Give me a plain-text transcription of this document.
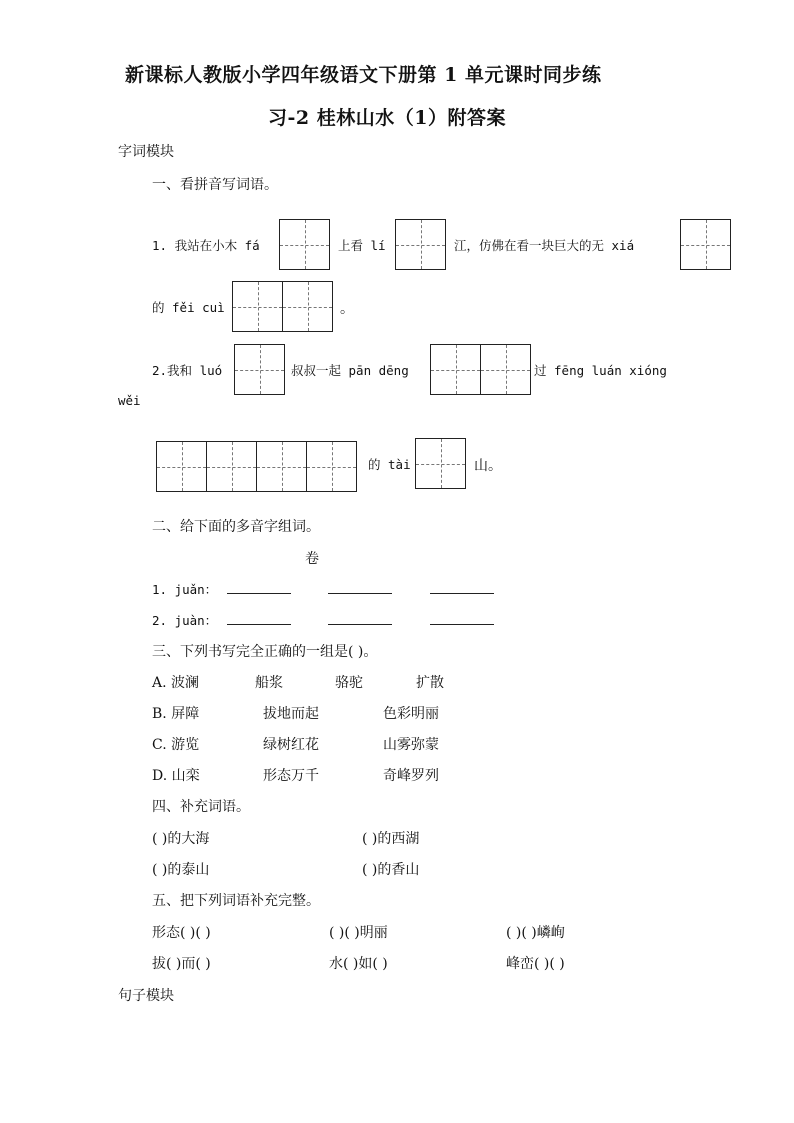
新课标人教版小学四年级语文下册第 1 单元课时同步练
习-2 桂林山水（1）附答案
字词模块
一、看拼音写词语。
1. 我站在小木 fá	上看 lí	江，仿佛在看一块巨大的无 xiá
的 fěi cuì	。
2.我和 luó	叔叔一起 pān dēng	过 fēng luán xióng
wěi
的 tài	山。
二、给下面的多音字组词。
卷
1. juǎn：
2. juàn：
三、下列书写完全正确的一组是( )。
A. 波澜	船浆	骆驼	扩散
B. 屏障	拔地而起	色彩明丽
C. 游览	绿树红花	山雾弥蒙
D. 山栾	形态万千	奇峰罗列
四、补充词语。
( )的大海	( )的西湖
( )的泰山	( )的香山
五、把下列词语补充完整。
形态( )( )	( )( )明丽	( )( )嶙峋
拔( )而( )	水( )如( )	峰峦( )( )
句子模块
